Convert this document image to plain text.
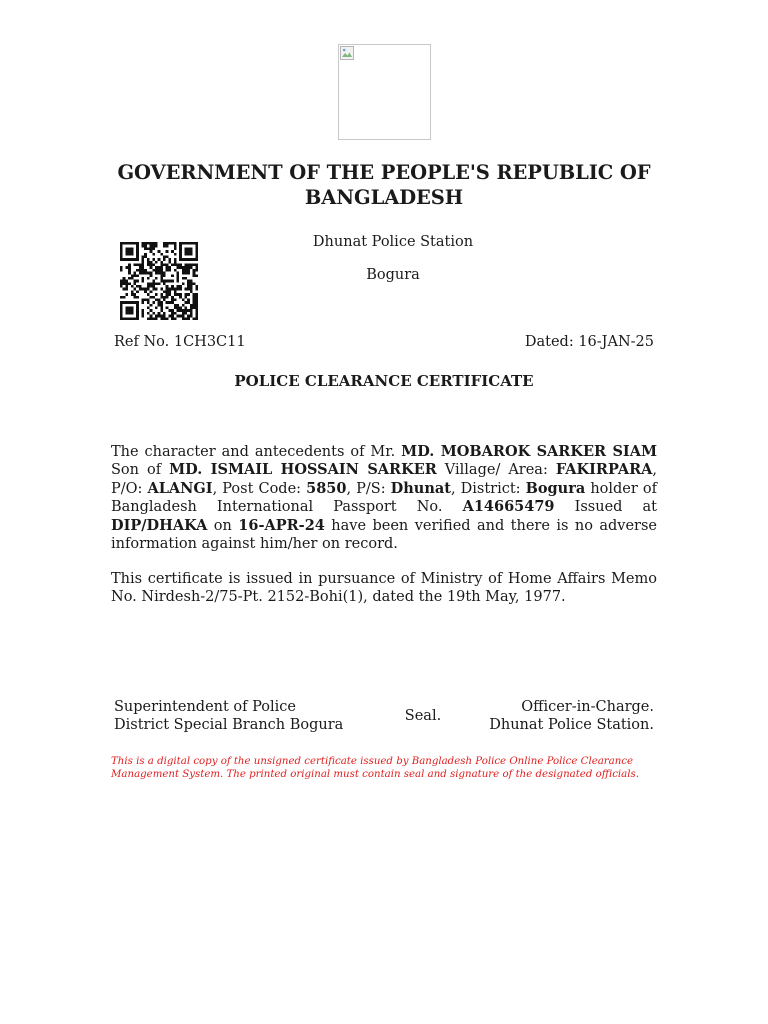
GOVERNMENT OF THE PEOPLE'S REPUBLIC OF BANGLADESH
Dhunat Police Station
Bogura
Ref No. 1CH3C11	Dated: 16-JAN-25
POLICE CLEARANCE CERTIFICATE
The character and antecedents of Mr. MD. MOBAROK SARKER SIAM Son of MD. ISMAIL HOSSAIN SARKER Village/ Area: FAKIRPARA, P/O: ALANGI, Post Code: 5850, P/S: Dhunat, District: Bogura holder of Bangladesh International Passport No. A14665479 Issued at DIP/DHAKA on 16-APR-24 have been verified and there is no adverse information against him/her on record.
This certificate is issued in pursuance of Ministry of Home Affairs Memo No. Nirdesh-2/75-Pt. 2152-Bohi(1), dated the 19th May, 1977.
Superintendent of Police
District Special Branch Bogura
Seal.
Officer-in-Charge.
Dhunat Police Station.
This is a digital copy of the unsigned certificate issued by Bangladesh Police Online Police Clearance Management System. The printed original must contain seal and signature of the designated officials.
